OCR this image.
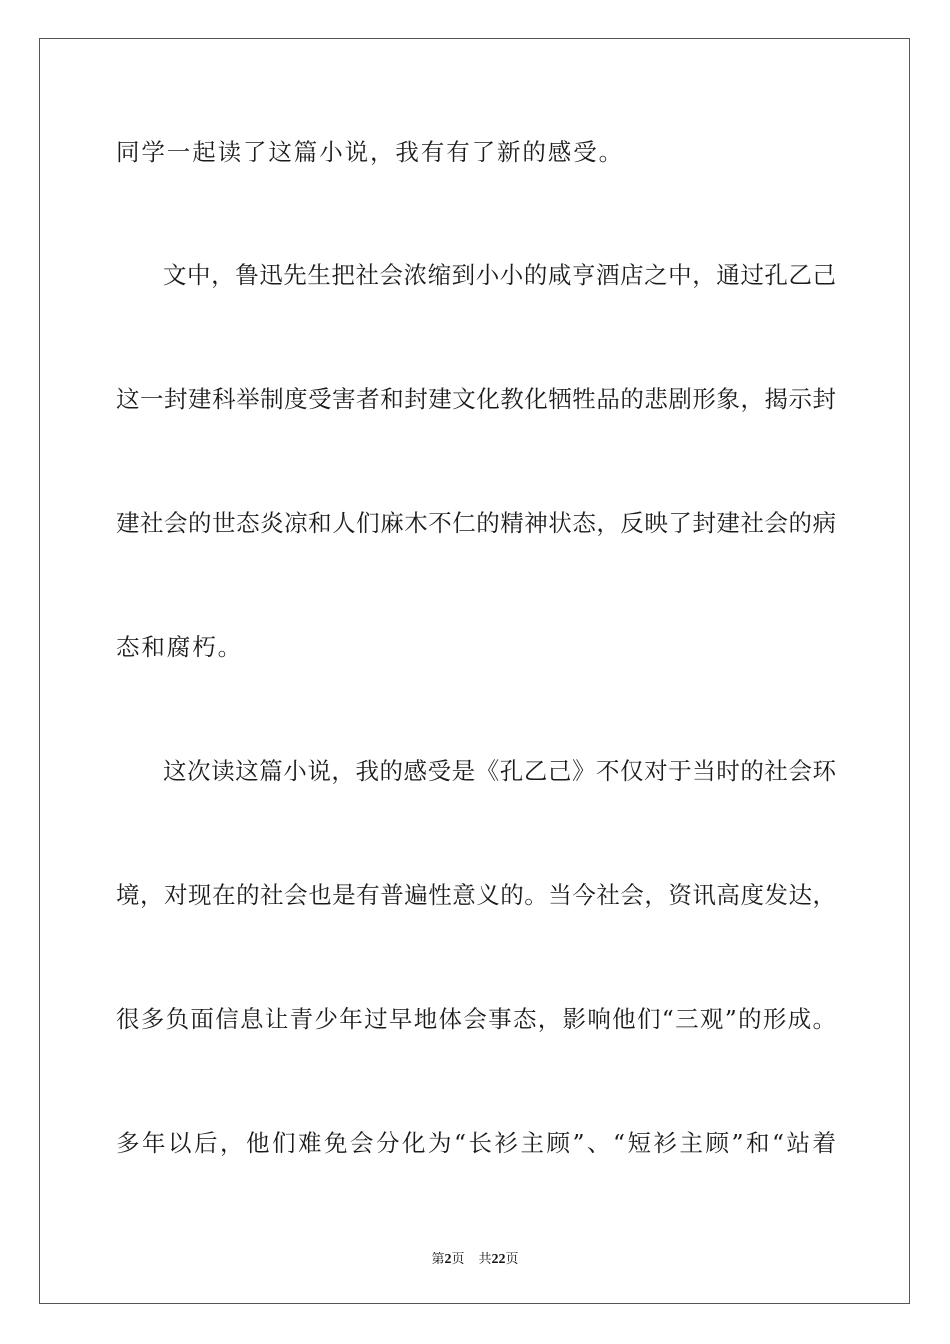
同学一起读了这篇小说，我有有了新的感受。
文中，鲁迅先生把社会浓缩到小小的咸亨酒店之中，通过孔乙己
这一封建科举制度受害者和封建文化教化牺牲品的悲剧形象，揭示封
建社会的世态炎凉和人们麻木不仁的精神状态，反映了封建社会的病
态和腐朽。
这次读这篇小说，我的感受是《孔乙己》不仅对于当时的社会环
境，对现在的社会也是有普遍性意义的。当今社会，资讯高度发达，
很多负面信息让青少年过早地体会事态，影响他们“三观”的形成。
多年以后，他们难免会分化为“长衫主顾”、“短衫主顾”和“站着
第2页 共22页
